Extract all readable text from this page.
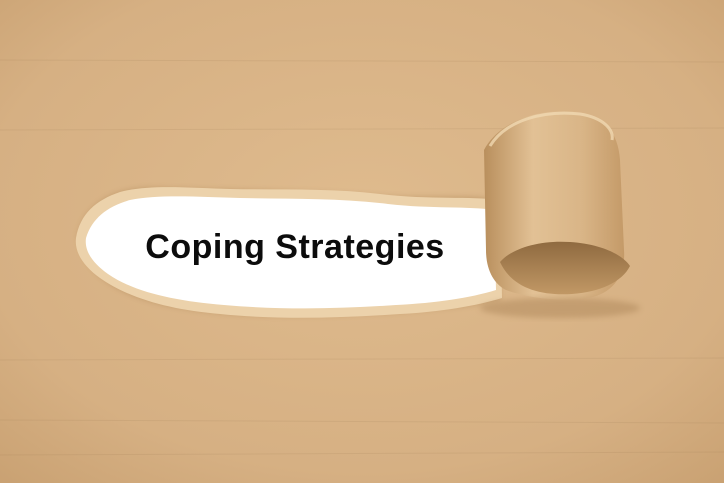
Coping Strategies
